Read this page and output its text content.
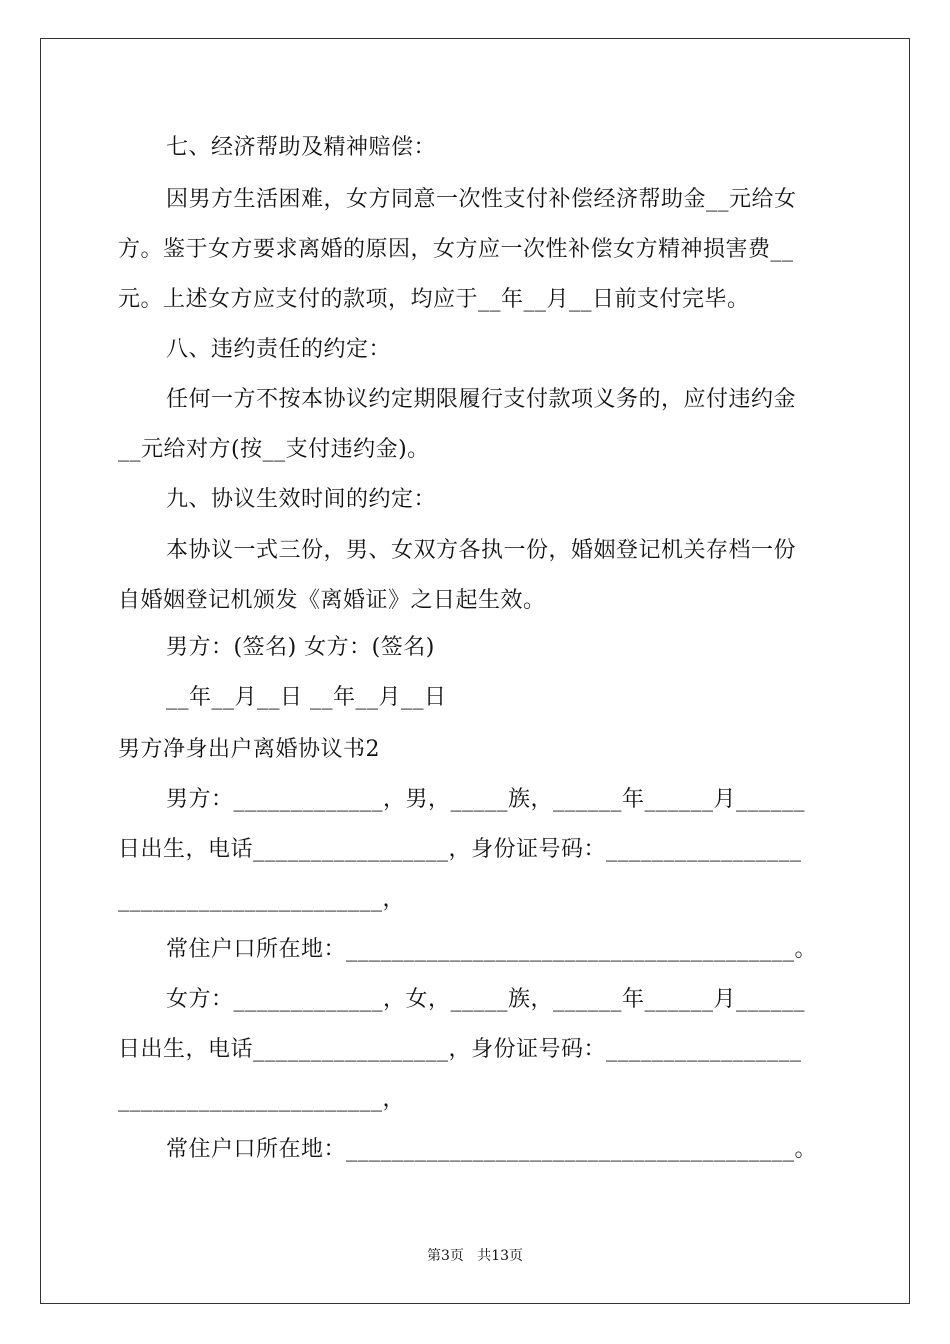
七、经济帮助及精神赔偿：
因男方生活困难，女方同意一次性支付补偿经济帮助金__元给女
方。鉴于女方要求离婚的原因，女方应一次性补偿女方精神损害费__
元。上述女方应支付的款项，均应于__年__月__日前支付完毕。
八、违约责任的约定：
任何一方不按本协议约定期限履行支付款项义务的，应付违约金
__元给对方(按__支付违约金)。
九、协议生效时间的约定：
本协议一式三份，男、女双方各执一份，婚姻登记机关存档一份
自婚姻登记机颁发《离婚证》之日起生效。
男方：(签名) 女方：(签名)
__年__月__日 __年__月__日
男方净身出户离婚协议书2
男方：_____________，男，_____族，______年______月______
日出生，电话_________________，身份证号码：_________________
_______________________，
常住户口所在地：_______________________________________。
女方：_____________，女，_____族，______年______月______
日出生，电话_________________，身份证号码：_________________
_______________________，
常住户口所在地：_______________________________________。
第3页   共13页
